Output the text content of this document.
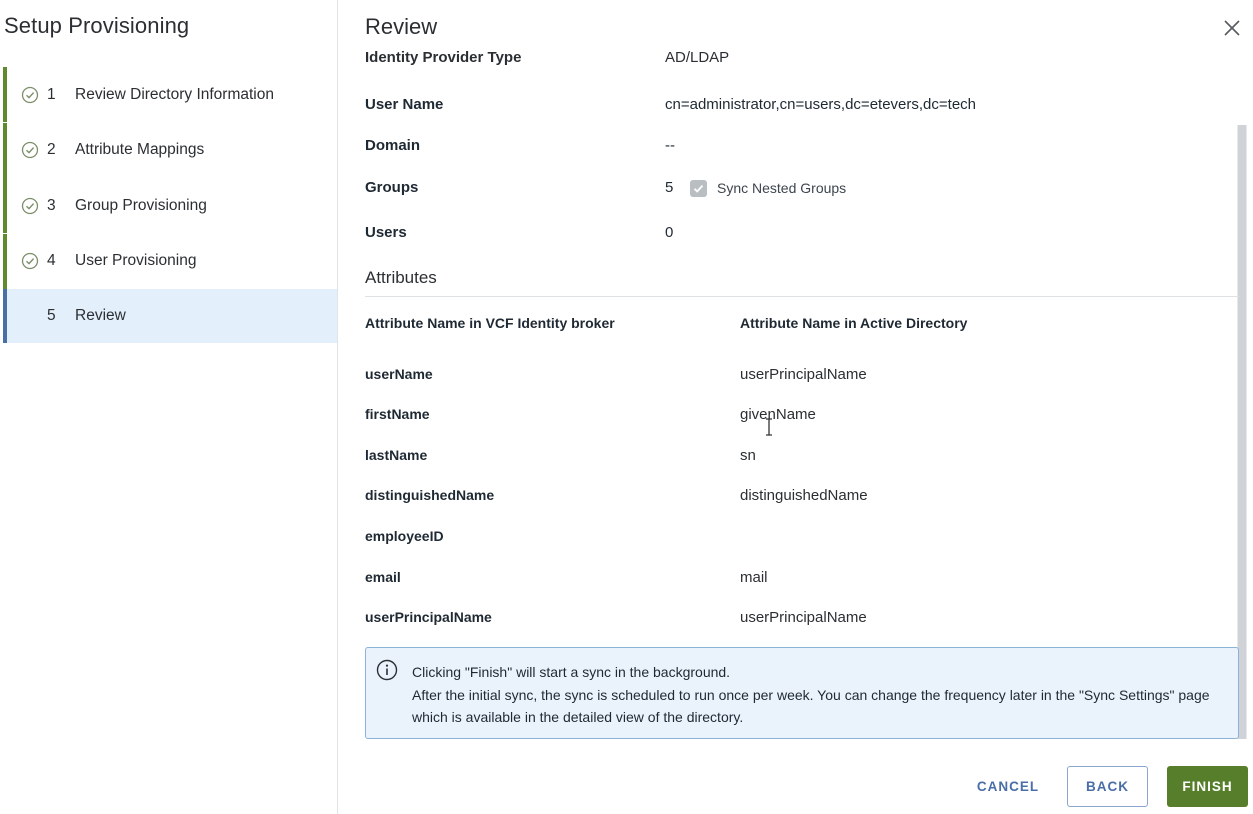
Setup Provisioning
1 Review Directory Information
2 Attribute Mappings
3 Group Provisioning
4 User Provisioning
5 Review
Review
Identity Provider Type	AD/LDAP
User Name	cn=administrator,cn=users,dc=etevers,dc=tech
Domain	--
Groups	5	Sync Nested Groups
Users	0
Attributes
Attribute Name in VCF Identity broker	Attribute Name in Active Directory
userName	userPrincipalName
firstName	givenName
lastName	sn
distinguishedName	distinguishedName
employeeID
email	mail
userPrincipalName	userPrincipalName
Clicking "Finish" will start a sync in the background.
After the initial sync, the sync is scheduled to run once per week. You can change the frequency later in the "Sync Settings" page which is available in the detailed view of the directory.
CANCEL	BACK	FINISH
